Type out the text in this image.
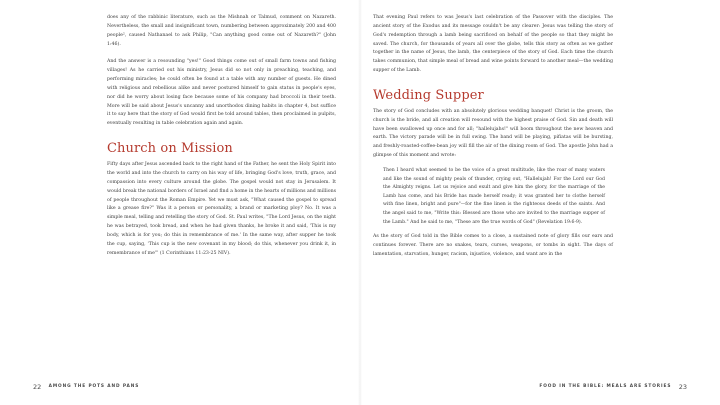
does any of the rabbinic literature, such as the Mishnah or Talmud, comment on Nazareth. Nevertheless, the small and insignificant town, numbering between approximately 200 and 400 people², caused Nathanael to ask Philip, "Can anything good come out of Nazareth?" (John 1:46).

And the answer is a resounding "yes!" Good things come out of small farm towns and fishing villages! As he carried out his ministry, Jesus did so not only in preaching, teaching, and performing miracles; he could often be found at a table with any number of guests. He dined with religious and rebellious alike and never postured himself to gain status in people's eyes, nor did he worry about losing face because some of his company had broccoli in their teeth. More will be said about Jesus's uncanny and unorthodox dining habits in chapter 4, but suffice it to say here that the story of God would first be told around tables, then proclaimed in pulpits, eventually resulting in table celebration again and again.

Church on Mission

Fifty days after Jesus ascended back to the right hand of the Father, he sent the Holy Spirit into the world and into the church to carry on his way of life, bringing God's love, truth, grace, and compassion into every culture around the globe. The gospel would not stay in Jerusalem. It would break the national borders of Israel and find a home in the hearts of millions and millions of people throughout the Roman Empire. Yet we must ask, "What caused the gospel to spread like a grease fire?" Was it a person or personality, a brand or marketing ploy? No. It was a simple meal, telling and retelling the story of God. St. Paul writes, "The Lord Jesus, on the night he was betrayed, took bread, and when he had given thanks, he broke it and said, 'This is my body, which is for you; do this in remembrance of me.' In the same way, after supper he took the cup, saying, 'This cup is the new covenant in my blood; do this, whenever you drink it, in remembrance of me'" (1 Corinthians 11:23-25 NIV).

That evening Paul refers to was Jesus's last celebration of the Passover with the disciples. The ancient story of the Exodus and its message couldn't be any clearer: Jesus was telling the story of God's redemption through a lamb being sacrificed on behalf of the people so that they might be saved. The church, for thousands of years all over the globe, tells this story as often as we gather together in the name of Jesus, the lamb, the centerpiece of the story of God. Each time the church takes communion, that simple meal of bread and wine points forward to another meal—the wedding supper of the Lamb.

Wedding Supper

The story of God concludes with an absolutely glorious wedding banquet! Christ is the groom, the church is the bride, and all creation will resound with the highest praise of God. Sin and death will have been swallowed up once and for all; "hallelujahs!" will boom throughout the new heaven and earth. The victory parade will be in full swing. The band will be playing, pifiatas will be bursting, and freshly-roasted-coffee-bean joy will fill the air of the dining room of God. The apostle John had a glimpse of this moment and wrote:

Then I heard what seemed to be the voice of a great multitude, like the roar of many waters and like the sound of mighty peals of thunder, crying out, "Hallelujah! For the Lord our God the Almighty reigns. Let us rejoice and exult and give him the glory, for the marriage of the Lamb has come, and his Bride has made herself ready; it was granted her to clothe herself with fine linen, bright and pure"—for the fine linen is the righteous deeds of the saints. And the angel said to me, "Write this: Blessed are those who are invited to the marriage supper of the Lamb." And he said to me, "These are the true words of God" (Revelation 19:6-9).

As the story of God told in the Bible comes to a close, a sustained note of glory fills our ears and continues forever. There are no snakes, tears, curses, weapons, or tombs in sight. The days of lamentation, starvation, hunger, racism, injustice, violence, and want are in the

22 AMONG THE POTS AND PANS	FOOD IN THE BIBLE: MEALS ARE STORIES 23
